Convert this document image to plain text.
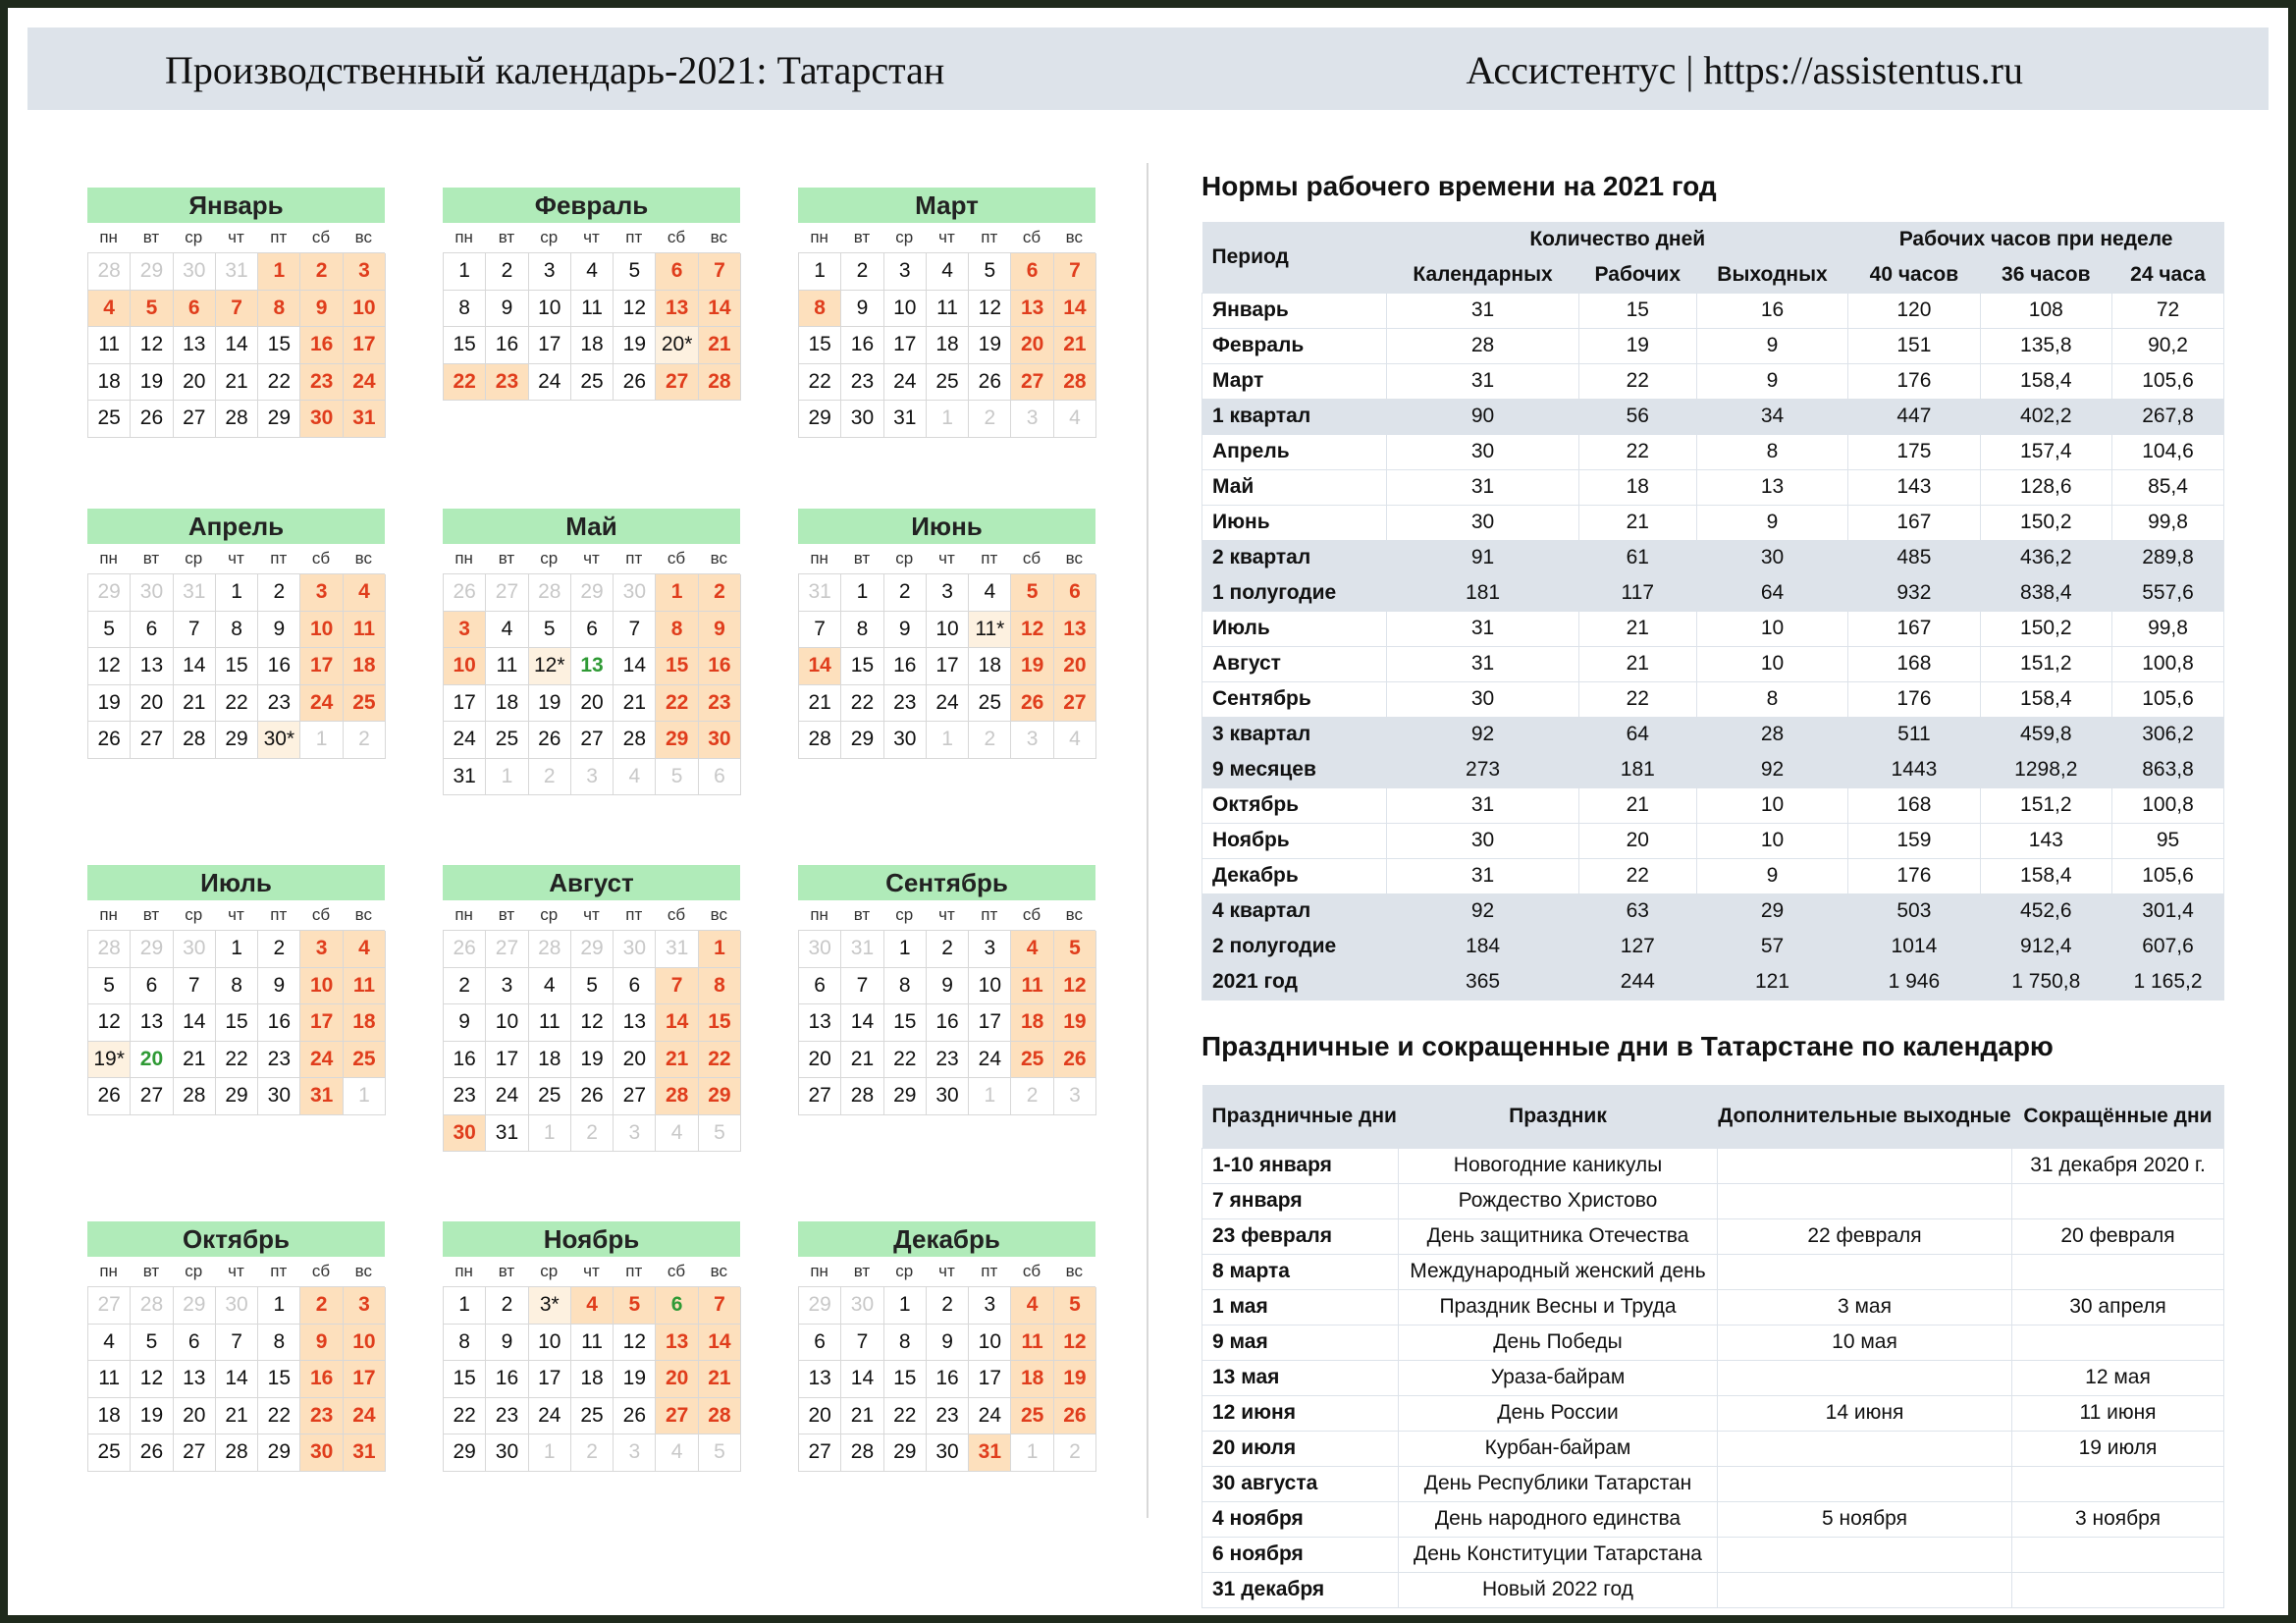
Производственный календарь-2021: Татарстан	Ассистентус | https://assistentus.ru
Январь
пн	вт	ср	чт	пт	сб	вс
28 29 30 31	1	2	3
4	5	6	7	8	9	10
11 12 13 14 15 16 17
18 19 20 21 22 23 24
25 26 27 28 29 30 31
Февраль
пн	вт	ср	чт	пт	сб	вс
1	2	3	4	5	6	7
8	9	10 11 12 13 14
15 16 17 18 19 20* 21
22 23 24 25 26 27 28
Март
пн	вт	ср	чт	пт	сб	вс
1	2	3	4	5	6	7
8	9	10 11 12 13 14
15 16 17 18 19 20 21
22 23 24 25 26 27 28
29 30 31	1	2	3	4
Апрель
пн	вт	ср	чт	пт	сб	вс
29 30 31	1	2	3	4
5	6	7	8	9	10 11
12 13 14 15 16 17 18
19 20 21 22 23 24 25
26 27 28 29 30*	1	2
Май
пн	вт	ср	чт	пт	сб	вс
26 27 28 29 30	1	2
3	4	5	6	7	8	9
10 11 12* 13 14 15 16
17 18 19 20 21 22 23
24 25 26 27 28 29 30
31	1	2	3	4	5	6
Июнь
пн	вт	ср	чт	пт	сб	вс
31	1	2	3	4	5	6
7	8	9	10 11* 12 13
14 15 16 17 18 19 20
21 22 23 24 25 26 27
28 29 30	1	2	3	4
Июль
пн	вт	ср	чт	пт	сб	вс
28 29 30	1	2	3	4
5	6	7	8	9	10 11
12 13 14 15 16 17 18
19* 20 21 22 23 24 25
26 27 28 29 30 31	1
Август
пн	вт	ср	чт	пт	сб	вс
26 27 28 29 30 31	1
2	3	4	5	6	7	8
9	10 11 12 13 14 15
16 17 18 19 20 21 22
23 24 25 26 27 28 29
30 31	1	2	3	4	5
Сентябрь
пн	вт	ср	чт	пт	сб	вс
30 31	1	2	3	4	5
6	7	8	9	10 11 12
13 14 15 16 17 18 19
20 21 22 23 24 25 26
27 28 29 30	1	2	3
Октябрь
пн	вт	ср	чт	пт	сб	вс
27 28 29 30	1	2	3
4	5	6	7	8	9	10
11 12 13 14 15 16 17
18 19 20 21 22 23 24
25 26 27 28 29 30 31
Ноябрь
пн	вт	ср	чт	пт	сб	вс
1	2	3*	4	5	6	7
8	9	10 11 12 13 14
15 16 17 18 19 20 21
22 23 24 25 26 27 28
29 30	1	2	3	4	5
Декабрь
пн	вт	ср	чт	пт	сб	вс
29 30	1	2	3	4	5
6	7	8	9	10 11 12
13 14 15 16 17 18 19
20 21 22 23 24 25 26
27 28 29 30 31	1	2
Нормы рабочего времени на 2021 год
Период	Количество дней			Рабочих часов при неделе		
	Календарных	Рабочих	Выходных	40 часов	36 часов	24 часа
Январь	31	15	16	120	108	72
Февраль	28	19	9	151	135,8	90,2
Март	31	22	9	176	158,4	105,6
1 квартал	90	56	34	447	402,2	267,8
Апрель	30	22	8	175	157,4	104,6
Май	31	18	13	143	128,6	85,4
Июнь	30	21	9	167	150,2	99,8
2 квартал	91	61	30	485	436,2	289,8
1 полугодие	181	117	64	932	838,4	557,6
Июль	31	21	10	167	150,2	99,8
Август	31	21	10	168	151,2	100,8
Сентябрь	30	22	8	176	158,4	105,6
3 квартал	92	64	28	511	459,8	306,2
9 месяцев	273	181	92	1443	1298,2	863,8
Октябрь	31	21	10	168	151,2	100,8
Ноябрь	30	20	10	159	143	95
Декабрь	31	22	9	176	158,4	105,6
4 квартал	92	63	29	503	452,6	301,4
2 полугодие	184	127	57	1014	912,4	607,6
2021 год	365	244	121	1 946	1 750,8	1 165,2
Праздничные и сокращенные дни в Татарстане по календарю
Праздничные дни	Праздник	Дополнительные выходные	Сокращённые дни
1-10 января	Новогодние каникулы		31 декабря 2020 г.
7 января	Рождество Христово		
23 февраля	День защитника Отечества	22 февраля	20 февраля
8 марта	Международный женский день		
1 мая	Праздник Весны и Труда	3 мая	30 апреля
9 мая	День Победы	10 мая	
13 мая	Ураза-байрам		12 мая
12 июня	День России	14 июня	11 июня
20 июля	Курбан-байрам		19 июля
30 августа	День Республики Татарстан		
4 ноября	День народного единства	5 ноября	3 ноября
6 ноября	День Конституции Татарстана		
31 декабря	Новый 2022 год		
